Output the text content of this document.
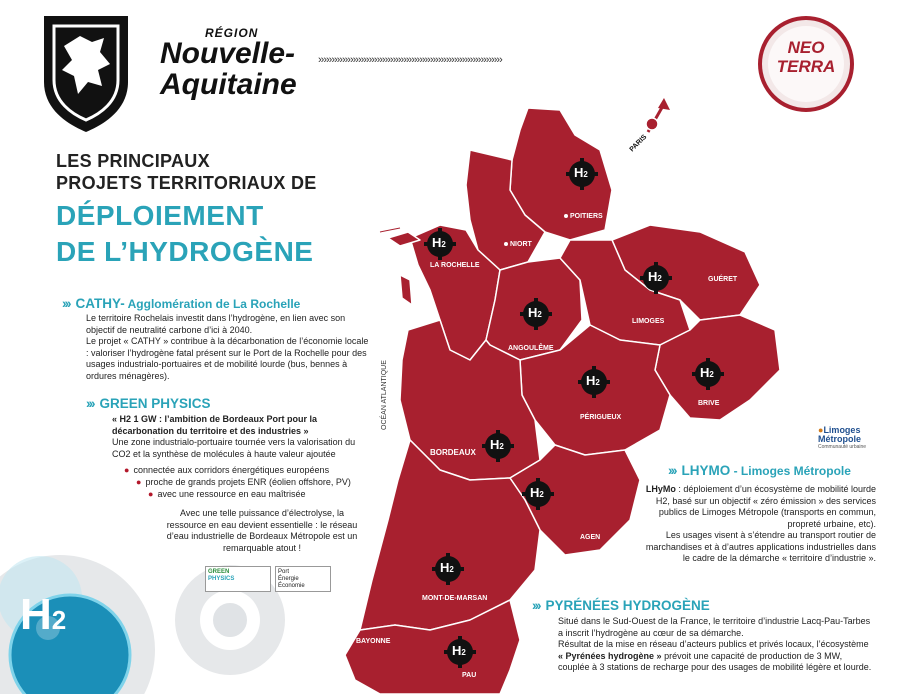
H2
RÉGION
Nouvelle-
Aquitaine
›››››››››››››››››››››››››››››››››››››››››››››››››››››››››››››››››››››
NEO
TERRA
LES PRINCIPAUX
PROJETS TERRITORIAUX DE
DÉPLOIEMENT
DE L’HYDROGÈNE
PARIS
OCÉAN ATLANTIQUE
POITIERS
NIORT
LA ROCHELLE
GUÉRET
LIMOGES
ANGOULÊME
BRIVE
PÉRIGUEUX
BORDEAUX
AGEN
MONT-DE-MARSAN
BAYONNE
PAU
H2
H2
H2
H2
H2
H2
H2
H2
H2
H2
››› CATHY- Agglomération de La Rochelle
Le territoire Rochelais investit dans l’hydrogène, en lien avec son objectif de neutralité carbone d’ici à 2040.
Le projet « CATHY » contribue à la décarbonation de l’économie locale : valoriser l’hydrogène fatal présent sur le Port de la Rochelle pour des usages industrialo-portuaires et de mobilité lourde (bus, bennes à ordures ménagères).
››› GREEN PHYSICS
« H2 1 GW : l’ambition de Bordeaux Port pour la
décarbonation du territoire et des industries »
Une zone industrialo-portuaire tournée vers la valorisation du CO2 et la synthèse de molécules à haute valeur ajoutée
● connectée aux corridors énergétiques européens
● proche de grands projets ENR (éolien offshore, PV)
● avec une ressource en eau maîtrisée
Avec une telle puissance d’électrolyse, la ressource en eau devient essentielle : le réseau d’eau industrielle de Bordeaux Métropole est un remarquable atout !
GREEN
PHYSICS
Port
Énergie
Économie
●Limoges
Métropole
Communauté urbaine
››› LHYMO - Limoges Métropole
LHyMo : déploiement d’un écosystème de mobilité lourde H2, basé sur un objectif « zéro émission » des services publics de Limoges Métropole (transports en commun, propreté urbaine, etc).
Les usages visent à s’étendre au transport routier de marchandises et à d’autres applications industrielles dans le cadre de la démarche « territoire d’industrie ».
››› PYRÉNÉES HYDROGÈNE
Situé dans le Sud-Ouest de la France, le territoire d’industrie Lacq-Pau-Tarbes a inscrit l’hydrogène au cœur de sa démarche.
Résultat de la mise en réseau d’acteurs publics et privés locaux, l’écosystème « Pyrénées hydrogène » prévoit une capacité de production de 3 MW, couplée à 3 stations de recharge pour des usages de mobilité légère et lourde.
